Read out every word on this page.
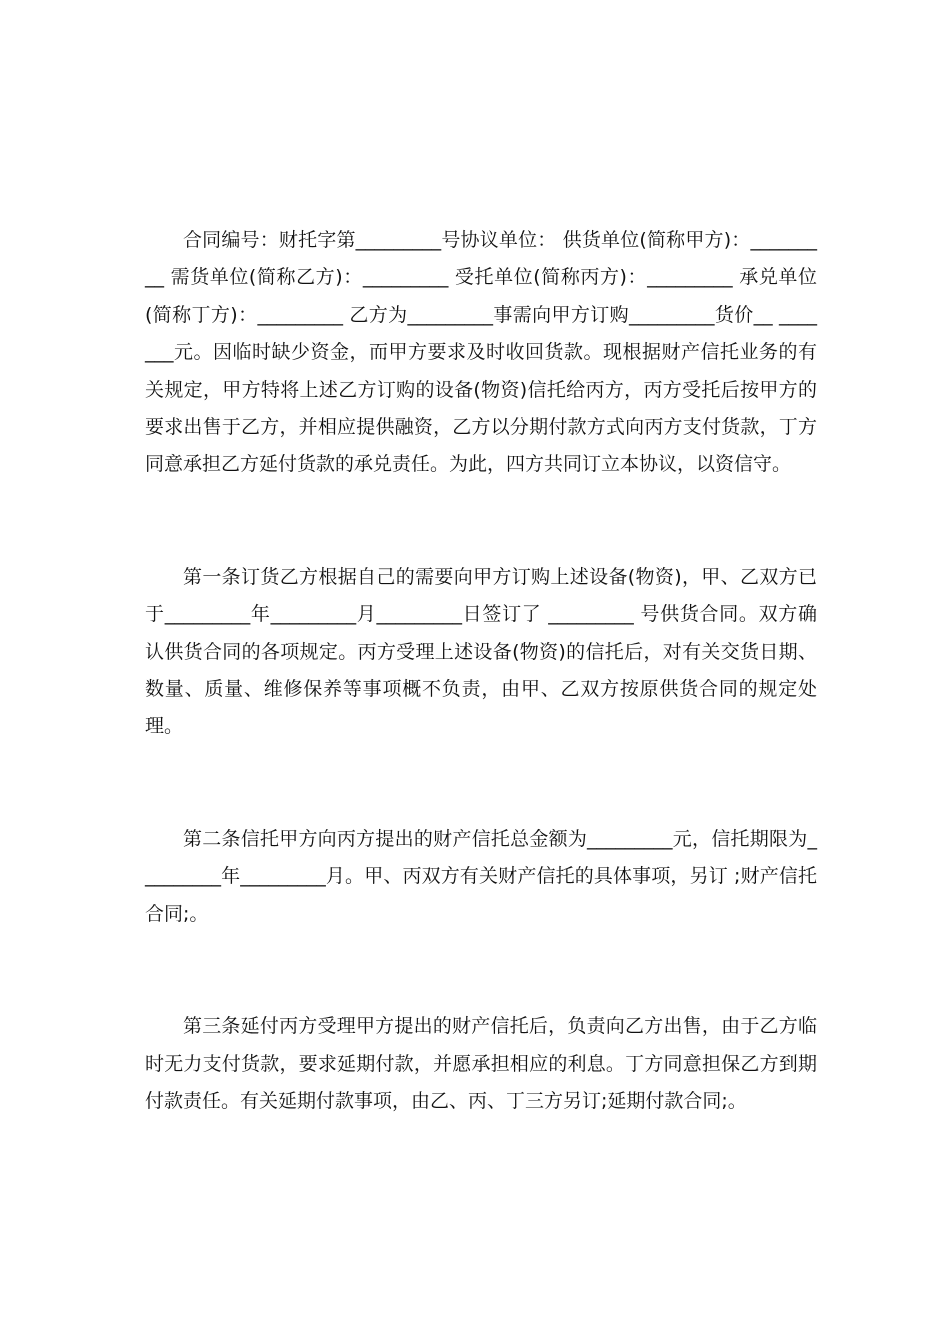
合同编号：财托字第_________号协议单位： 供货单位(简称甲方)：_________ 需货单位(简称乙方)：_________ 受托单位(简称丙方)：_________ 承兑单位(简称丁方)：_________ 乙方为_________事需向甲方订购_________货价__ _______元。因临时缺少资金，而甲方要求及时收回货款。现根据财产信托业务的有关规定，甲方特将上述乙方订购的设备(物资)信托给丙方，丙方受托后按甲方的要求出售于乙方，并相应提供融资，乙方以分期付款方式向丙方支付货款，丁方同意承担乙方延付货款的承兑责任。为此，四方共同订立本协议，以资信守。

第一条订货乙方根据自己的需要向甲方订购上述设备(物资)，甲、乙双方已于_________年_________月_________日签订了 _________ 号供货合同。双方确认供货合同的各项规定。丙方受理上述设备(物资)的信托后，对有关交货日期、数量、质量、维修保养等事项概不负责，由甲、乙双方按原供货合同的规定处理。

第二条信托甲方向丙方提出的财产信托总金额为_________元，信托期限为_________年_________月。甲、丙双方有关财产信托的具体事项，另订 ;财产信托合同;。

第三条延付丙方受理甲方提出的财产信托后，负责向乙方出售，由于乙方临时无力支付货款，要求延期付款，并愿承担相应的利息。丁方同意担保乙方到期付款责任。有关延期付款事项，由乙、丙、丁三方另订;延期付款合同;。
